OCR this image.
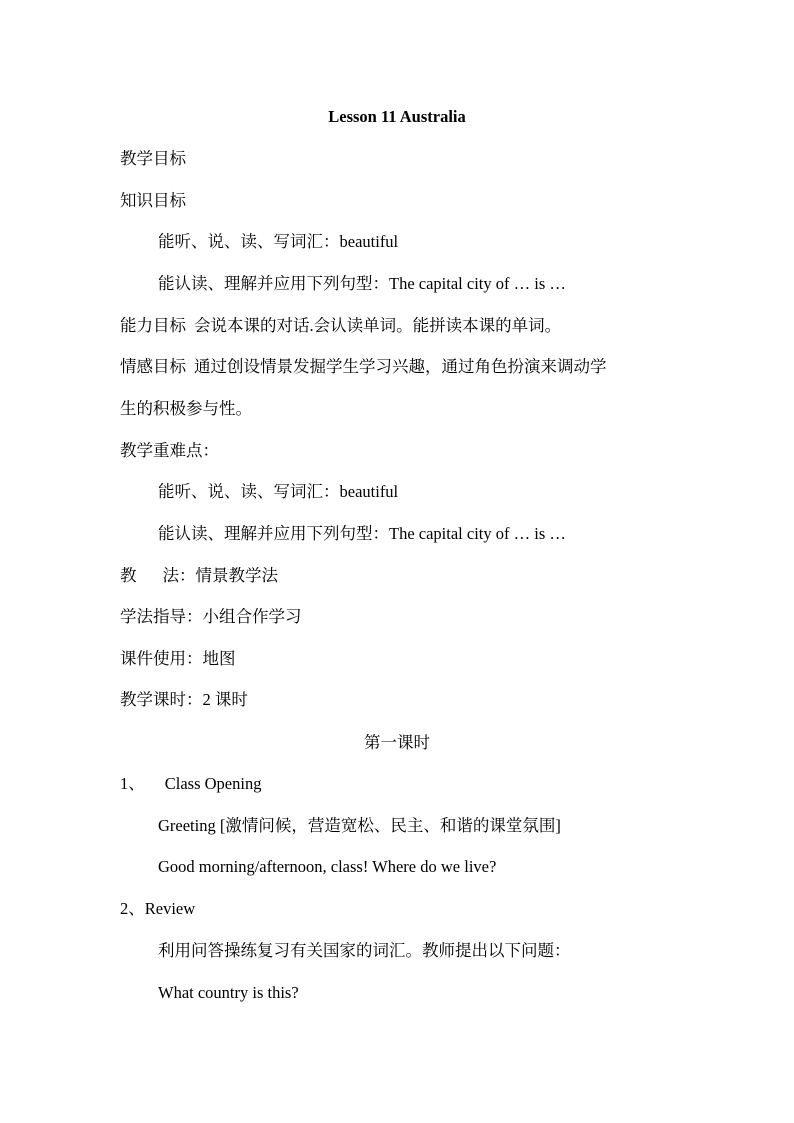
Lesson 11 Australia
教学目标
知识目标
能听、说、读、写词汇：beautiful
能认读、理解并应用下列句型：The capital city of … is …
能力目标 会说本课的对话.会认读单词。能拼读本课的单词。
情感目标 通过创设情景发掘学生学习兴趣，通过角色扮演来调动学
生的积极参与性。
教学重难点：
能听、说、读、写词汇：beautiful
能认读、理解并应用下列句型：The capital city of … is …
教 法：情景教学法
学法指导：小组合作学习
课件使用：地图
教学课时：2 课时
第一课时
1、 Class Opening
Greeting [激情问候，营造宽松、民主、和谐的课堂氛围]
Good morning/afternoon, class! Where do we live?
2、Review
利用问答操练复习有关国家的词汇。教师提出以下问题：
What country is this?
